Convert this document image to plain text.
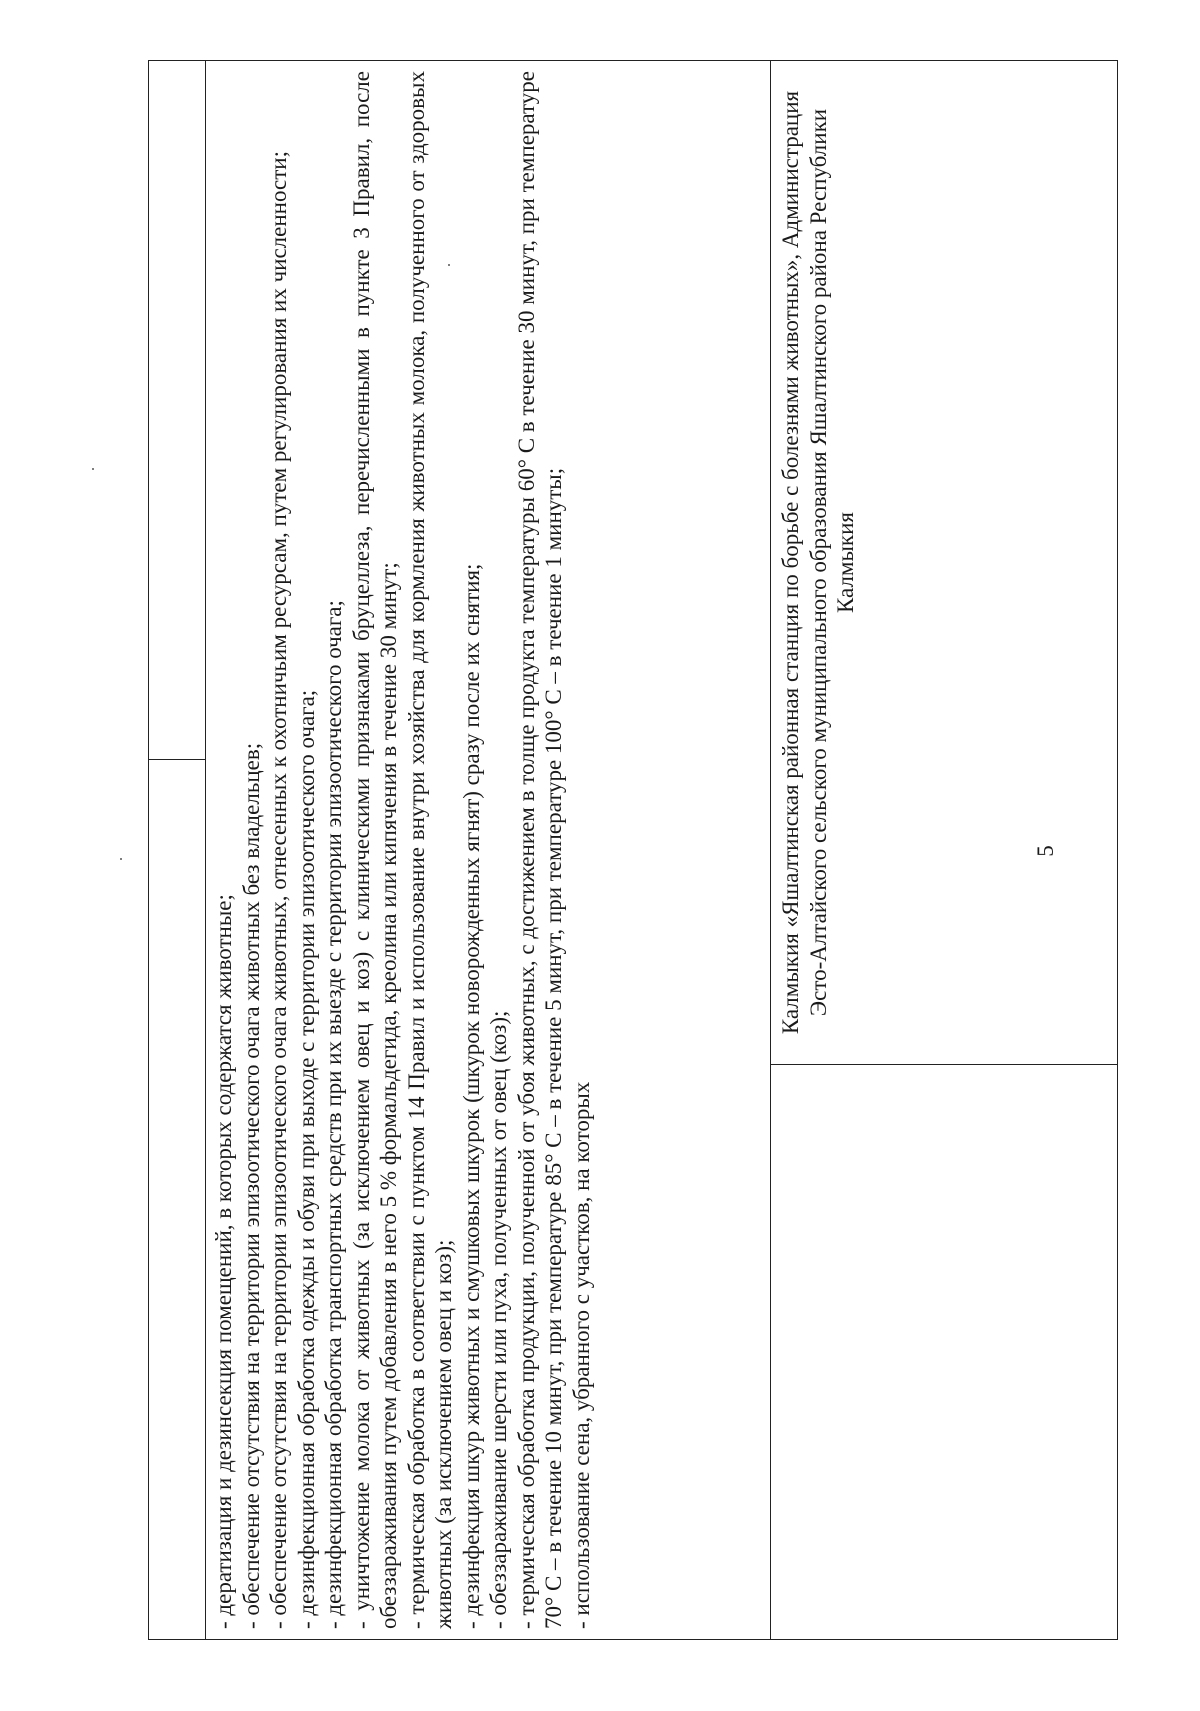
- дератизация и дезинсекция помещений, в которых содержатся животные; - обеспечение отсутствия на территории эпизоотического очага животных без владельцев; - обеспечение отсутствия на территории эпизоотического очага животных, отнесенных к охотничьим ресурсам, путем регулирования их численности; - дезинфекционная обработка одежды и обуви при выходе с территории эпизоотического очага; - дезинфекционная обработка транспортных средств при их выезде с территории эпизоотического очага; - уничтожение молока от животных (за исключением овец и коз) с клиническими признаками бруцеллеза, перечисленными в пункте 3 Правил, после обеззараживания путем добавления в него 5 % формальдегида, креолина или кипячения в течение 30 минут; - термическая обработка в соответствии с пунктом 14 Правил и использование внутри хозяйства для кормления животных молока, полученного от здоровых животных (за исключением овец и коз); - дезинфекция шкур животных и смушковых шкурок (шкурок новорожденных ягнят) сразу после их снятия; - обеззараживание шерсти или пуха, полученных от овец (коз); - термическая обработка продукции, полученной от убоя животных, с достижением в толще продукта температуры 60° C в течение 30 минут, при температуре 70° C – в течение 10 минут, при температуре 85° C – в течение 5 минут, при температуре 100° C – в течение 1 минуты; - использование сена, убранного с участков, на которых

Калмыкия «Яшалтинская районная станция по борьбе с болезнями животных», Администрация Эсто-Алтайского сельского муниципального образования Яшалтинского района Республики Калмыкия
5
